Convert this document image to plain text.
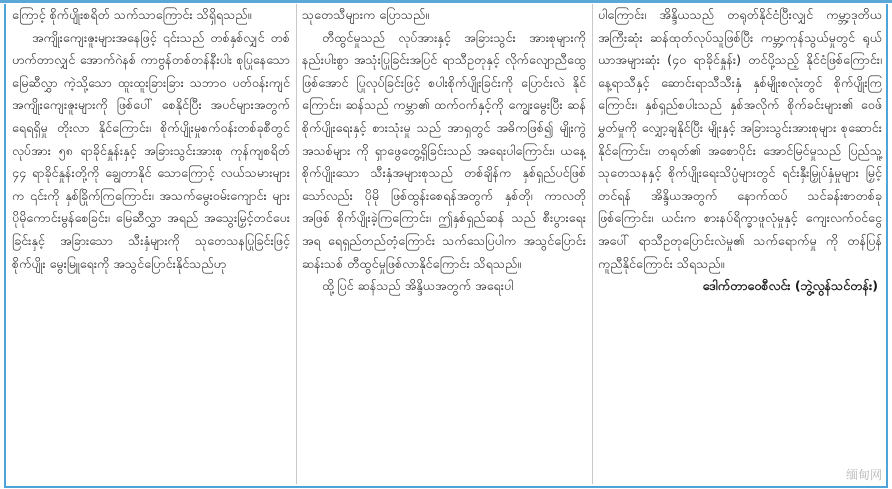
ကြောင့် စိုက်ပျိုးစရိတ် သက်သာကြောင်း သိရှိရသည်။

အကျိုးကျေးဇူးများအနေဖြင့် ၎င်းသည် တစ်နှစ်လျှင် တစ်ဟက်တာလျှင် အောက်ဂဲနစ် ကာဗွန်တစ်တန်နီးပါး စုပြုနေသော မြေဆီလွှာ ကဲ့သို့သော ထူးထူးခြားခြား သဘာဝ ပတ်ဝန်းကျင် အကျိုးကျေးဇူးများကို ဖြစ်ပေါ် စေနိုင်ပြီး အပင်များအတွက် ရေရရှိမှု တိုးလာ နိုင်ကြောင်း၊ စိုက်ပျိုးမှုစက်ဝန်းတစ်ခုစီတွင် လုပ်အား ၅၈ ရာခိုင်နှုန်းနှင့် အခြားသွင်းအားစု ကုန်ကျစရိတ် ၄၄ ရာခိုင်နှုန်းတို့ကို ချွေတာနိုင် သောကြောင့် လယ်သမားများက ၎င်းကို နှစ်ခြိုက်ကြကြောင်း၊ အသက်မွေးဝမ်းကျောင်း များ ပိုမိုကောင်းမွန်စေခြင်း၊ မြေဆီလွှာ အရည် အသွေးမြှင့်တင်ပေးခြင်းနှင့် အခြားသော သီးနှံများကို သုတေသနပြုခြင်းဖြင့် စိုက်ပျိုး မွေးမြူရေးကို အသွင်ပြောင်းနိုင်သည်ဟု

သုတေသီများက ပြောသည်။

တီထွင်မှုသည် လုပ်အားနှင့် အခြားသွင်း အားစုများကို နည်းပါးစွာ အသုံးပြုခြင်းအပြင် ရာသီဥတုနှင့် လိုက်လျောညီထွေဖြစ်အောင် ပြုလုပ်ခြင်းဖြင့် စပါးစိုက်ပျိုးခြင်းကို ပြောင်းလဲ နိုင်ကြောင်း၊ ဆန်သည် ကမ္ဘာ၏ ထက်ဝက်နှင့်ကို ကျွေးမွေးပြီး ဆန်စိုက်ပျိုးရေးနှင့် စားသုံးမှု သည် အာရှတွင် အဓိကဖြစ်၍ မျိုးကွဲအသစ်များ ကို ရှာဖွေတွေ့ရှိခြင်းသည် အရေးပါကြောင်း၊ ယနေ့ စိုက်ပျိုးသော သီးနှံအများစုသည် တစ်ချိန်က နှစ်ရှည်ပင်ဖြစ်သော်လည်း ပိုမို ဖြစ်ထွန်းစေရန်အတွက် နှစ်တို၊ ကာလတို အဖြစ် စိုက်ပျိုးခဲ့ကြကြောင်း၊ ဤနှစ်ရှည်ဆန် သည် စီးပွားရေးအရ ရေရှည်တည်တံ့ကြောင်း သက်သေပြပါက အသွင်ပြောင်း ဆန်းသစ် တီထွင်မှုဖြစ်လာနိုင်ကြောင်း သိရသည်။

ထို့ပြင် ဆန်သည် အိန္ဒိယအတွက် အရေးပါ

ပါကြောင်း၊ အိန္ဒိယသည် တရုတ်နိုင်ငံပြီးလျှင် ကမ္ဘာ့ဒုတိယ အကြီးဆုံး ဆန်ထုတ်လုပ်သူဖြစ်ပြီး ကမ္ဘာ့ကုန်သွယ်မှုတွင် ရုယ်ယာအများဆုံး (၄၀ ရာခိုင်နှုန်း) တင်ပို့သည့် နိုင်ငံဖြစ်ကြောင်း၊ နေ့ရာသီနှင့် ဆောင်းရာသီသီးနှံ နှစ်မျိုးစလုံးတွင် စိုက်ပျိုးကြကြောင်း၊ နှစ်ရှည်စပါးသည် နှစ်အလိုက် စိုက်ခင်းများ၏ ဝေဖ်မွှတ်မှုကို လျှော့ချနိုင်ပြီး မျိုးနှင့် အခြားသွင်းအားစုများ စုဆောင်းနိုင်ကြောင်း၊ တရုတ်၏ အစောပိုင်း အောင်မြင်မှုသည် ပြည်သူ့သုတေသနနှင့် စိုက်ပျိုးရေးသိပ္ပံများတွင် ရင်းနှီးမြှုပ်နှံမှုများ မြှင့်တင်ရန် အိန္ဒိယအတွက် နောက်ထပ် သင်ခန်းစာတစ်ခုဖြစ်ကြောင်း၊ ယင်းက စားနပ်ရိက္ခာဖူလုံမှုနှင့် ကျေးလက်ဝင်ငွေ အပေါ် ရာသီဥတုပြောင်းလဲမှု၏ သက်ရောက်မှု ကို တန်ပြန်ကူညီနိုင်ကြောင်း သိရသည်။

ဒေါက်တာဝေစီလင်း (ဘွဲ့လွန်သင်တန်း)
缅甸网
